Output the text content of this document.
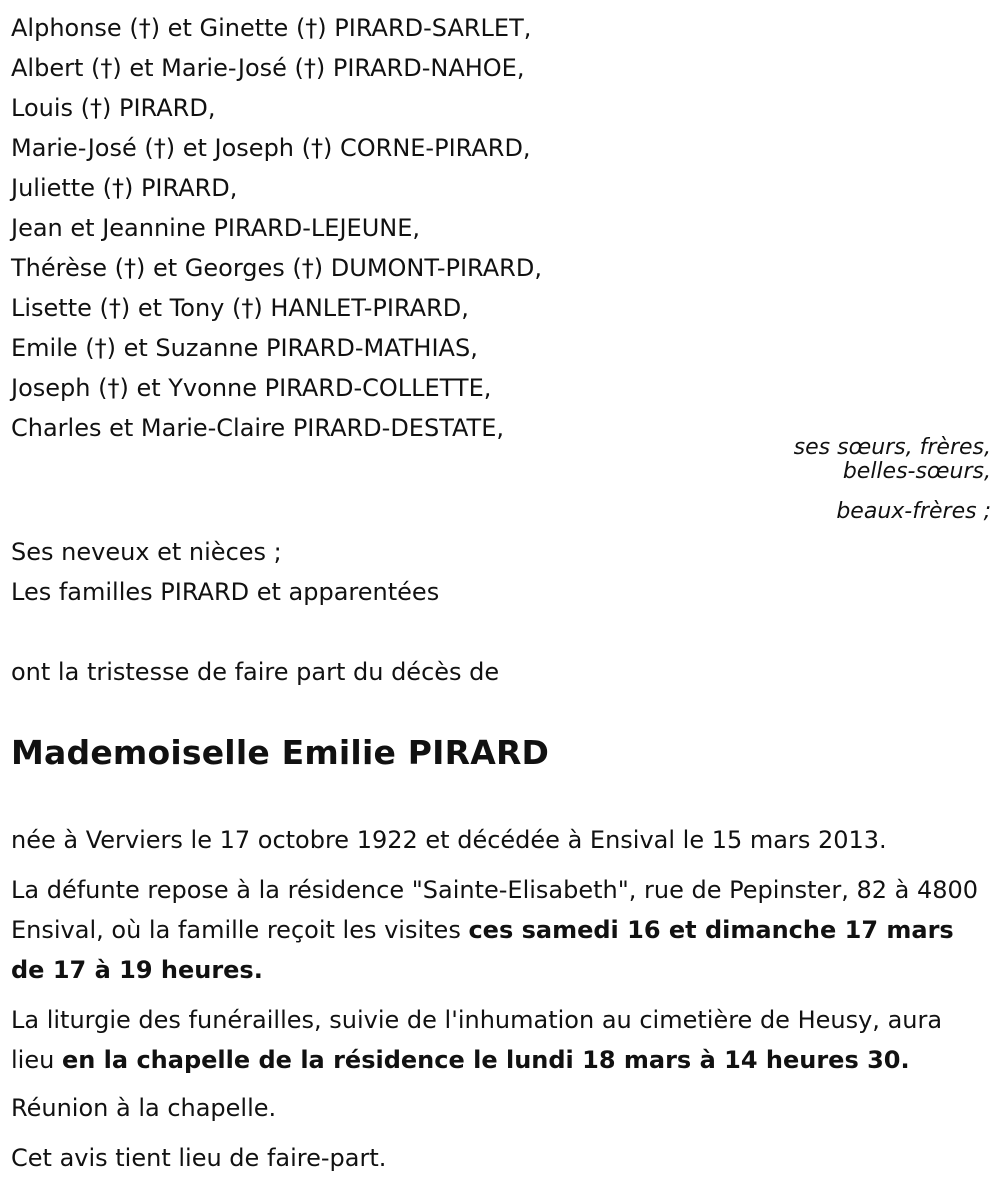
Alphonse (†) et Ginette (†) PIRARD-SARLET,
Albert (†) et Marie-José (†) PIRARD-NAHOE,
Louis (†) PIRARD,
Marie-José (†) et Joseph (†) CORNE-PIRARD,
Juliette (†) PIRARD,
Jean et Jeannine PIRARD-LEJEUNE,
Thérèse (†) et Georges (†) DUMONT-PIRARD,
Lisette (†) et Tony (†) HANLET-PIRARD,
Emile (†) et Suzanne PIRARD-MATHIAS,
Joseph (†) et Yvonne PIRARD-COLLETTE,
Charles et Marie-Claire PIRARD-DESTATE,
ses sœurs, frères,
belles-sœurs,
beaux-frères ;
Ses neveux et nièces ;
Les familles PIRARD et apparentées
ont la tristesse de faire part du décès de
Mademoiselle Emilie PIRARD
née à Verviers le 17 octobre 1922 et décédée à Ensival le 15 mars 2013.
La défunte repose à la résidence "Sainte-Elisabeth", rue de Pepinster, 82 à 4800 Ensival, où la famille reçoit les visites ces samedi 16 et dimanche 17 mars de 17 à 19 heures.
La liturgie des funérailles, suivie de l'inhumation au cimetière de Heusy, aura lieu en la chapelle de la résidence le lundi 18 mars à 14 heures 30.
Réunion à la chapelle.
Cet avis tient lieu de faire-part.
